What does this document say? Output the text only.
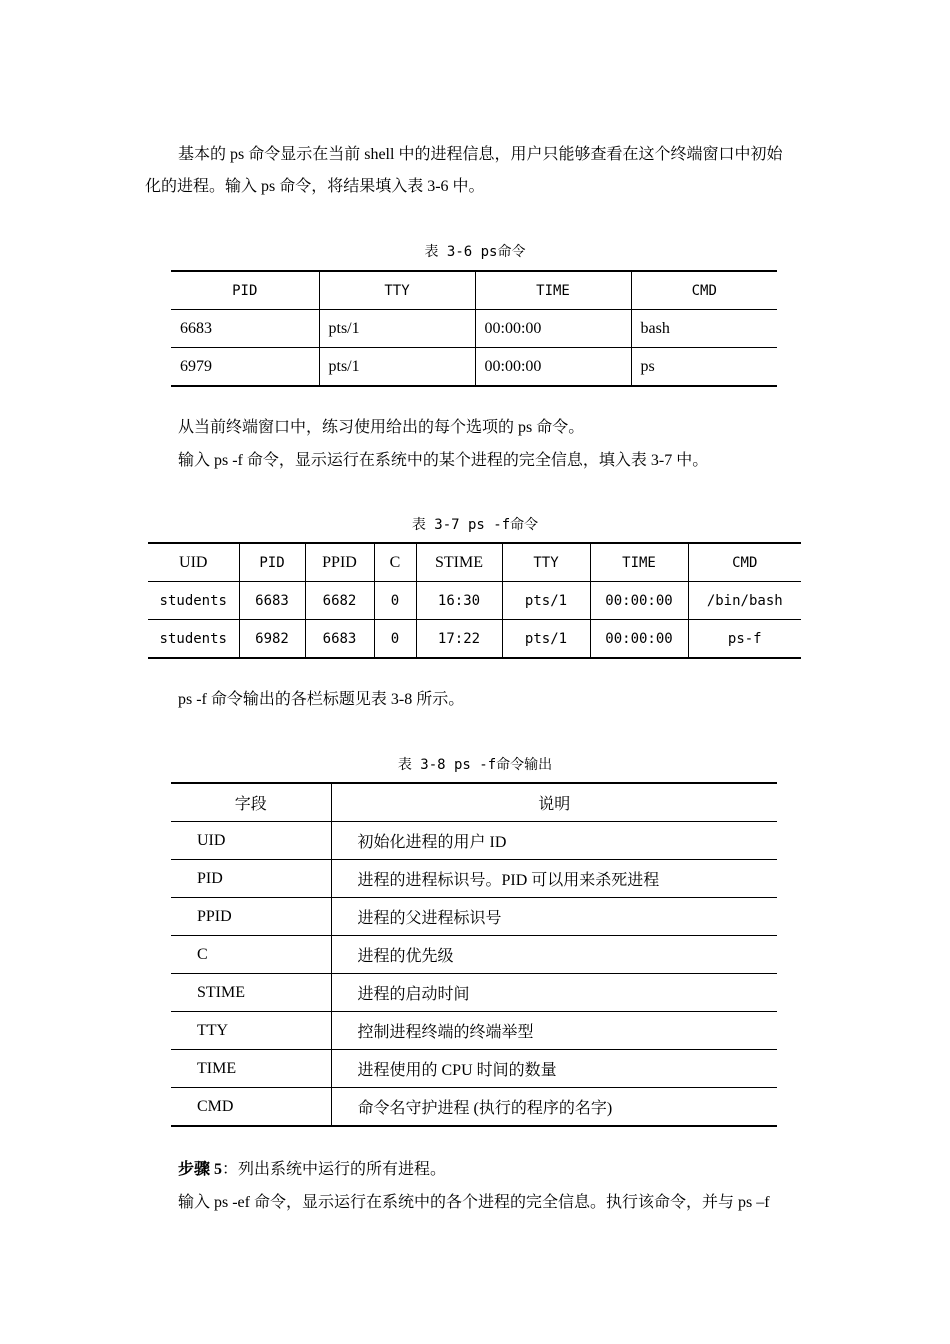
基本的 ps 命令显示在当前 shell 中的进程信息，用户只能够查看在这个终端窗口中初始
化的进程。输入 ps 命令，将结果填入表 3-6 中。
表 3-6 ps命令
PID	TTY	TIME	CMD
6683	pts/1	00:00:00	bash
6979	pts/1	00:00:00	ps
从当前终端窗口中，练习使用给出的每个选项的 ps 命令。
输入 ps -f 命令，显示运行在系统中的某个进程的完全信息，填入表 3-7 中。
表 3-7 ps -f命令
UID	PID	PPID	C	STIME	TTY	TIME	CMD
students	6683	6682	0	16:30	pts/1	00:00:00	/bin/bash
students	6982	6683	0	17:22	pts/1	00:00:00	ps-f
ps -f 命令输出的各栏标题见表 3-8 所示。
表 3-8 ps -f命令输出
字段	说明
UID	初始化进程的用户 ID
PID	进程的进程标识号。PID 可以用来杀死进程
PPID	进程的父进程标识号
C	进程的优先级
STIME	进程的启动时间
TTY	控制进程终端的终端举型
TIME	进程使用的 CPU 时间的数量
CMD	命令名守护进程 (执行的程序的名字)
步骤 5：列出系统中运行的所有进程。
输入 ps -ef 命令，显示运行在系统中的各个进程的完全信息。执行该命令，并与 ps –f
